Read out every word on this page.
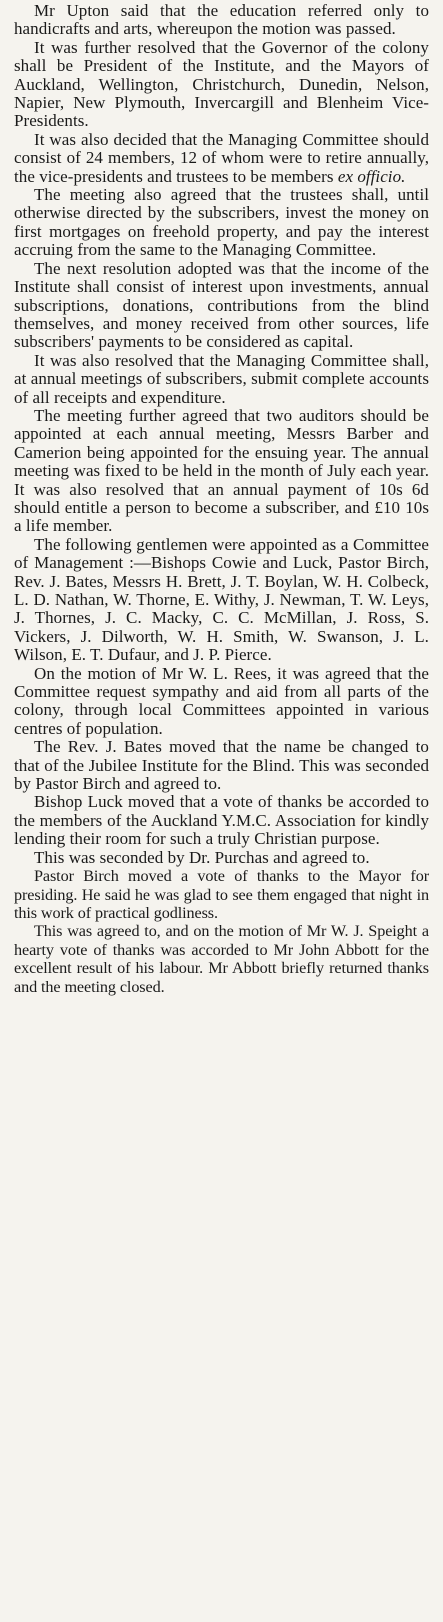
Mr Upton said that the education referred only to handicrafts and arts, whereupon the motion was passed.

It was further resolved that the Governor of the colony shall be President of the Institute, and the Mayors of Auckland, Wellington, Christchurch, Dunedin, Nelson, Napier, New Plymouth, Invercargill and Blenheim Vice-Presidents.

It was also decided that the Managing Committee should consist of 24 members, 12 of whom were to retire annually, the vice-presidents and trustees to be members ex officio.

The meeting also agreed that the trustees shall, until otherwise directed by the subscribers, invest the money on first mortgages on freehold property, and pay the interest accruing from the same to the Managing Committee.

The next resolution adopted was that the income of the Institute shall consist of interest upon investments, annual subscriptions, donations, contributions from the blind themselves, and money received from other sources, life subscribers' payments to be considered as capital.

It was also resolved that the Managing Committee shall, at annual meetings of subscribers, submit complete accounts of all receipts and expenditure.

The meeting further agreed that two auditors should be appointed at each annual meeting, Messrs Barber and Camerion being appointed for the ensuing year. The annual meeting was fixed to be held in the month of July each year. It was also resolved that an annual payment of 10s 6d should entitle a person to become a subscriber, and £10 10s a life member.

The following gentlemen were appointed as a Committee of Management :—Bishops Cowie and Luck, Pastor Birch, Rev. J. Bates, Messrs H. Brett, J. T. Boylan, W. H. Colbeck, L. D. Nathan, W. Thorne, E. Withy, J. Newman, T. W. Leys, J. Thornes, J. C. Macky, C. C. McMillan, J. Ross, S. Vickers, J. Dilworth, W. H. Smith, W. Swanson, J. L. Wilson, E. T. Dufaur, and J. P. Pierce.

On the motion of Mr W. L. Rees, it was agreed that the Committee request sympathy and aid from all parts of the colony, through local Committees appointed in various centres of population.

The Rev. J. Bates moved that the name be changed to that of the Jubilee Institute for the Blind. This was seconded by Pastor Birch and agreed to.

Bishop Luck moved that a vote of thanks be accorded to the members of the Auckland Y.M.C. Association for kindly lending their room for such a truly Christian purpose.

This was seconded by Dr. Purchas and agreed to.

Pastor Birch moved a vote of thanks to the Mayor for presiding. He said he was glad to see them engaged that night in this work of practical godliness.

This was agreed to, and on the motion of Mr W. J. Speight a hearty vote of thanks was accorded to Mr John Abbott for the excellent result of his labour. Mr Abbott briefly returned thanks and the meeting closed.
